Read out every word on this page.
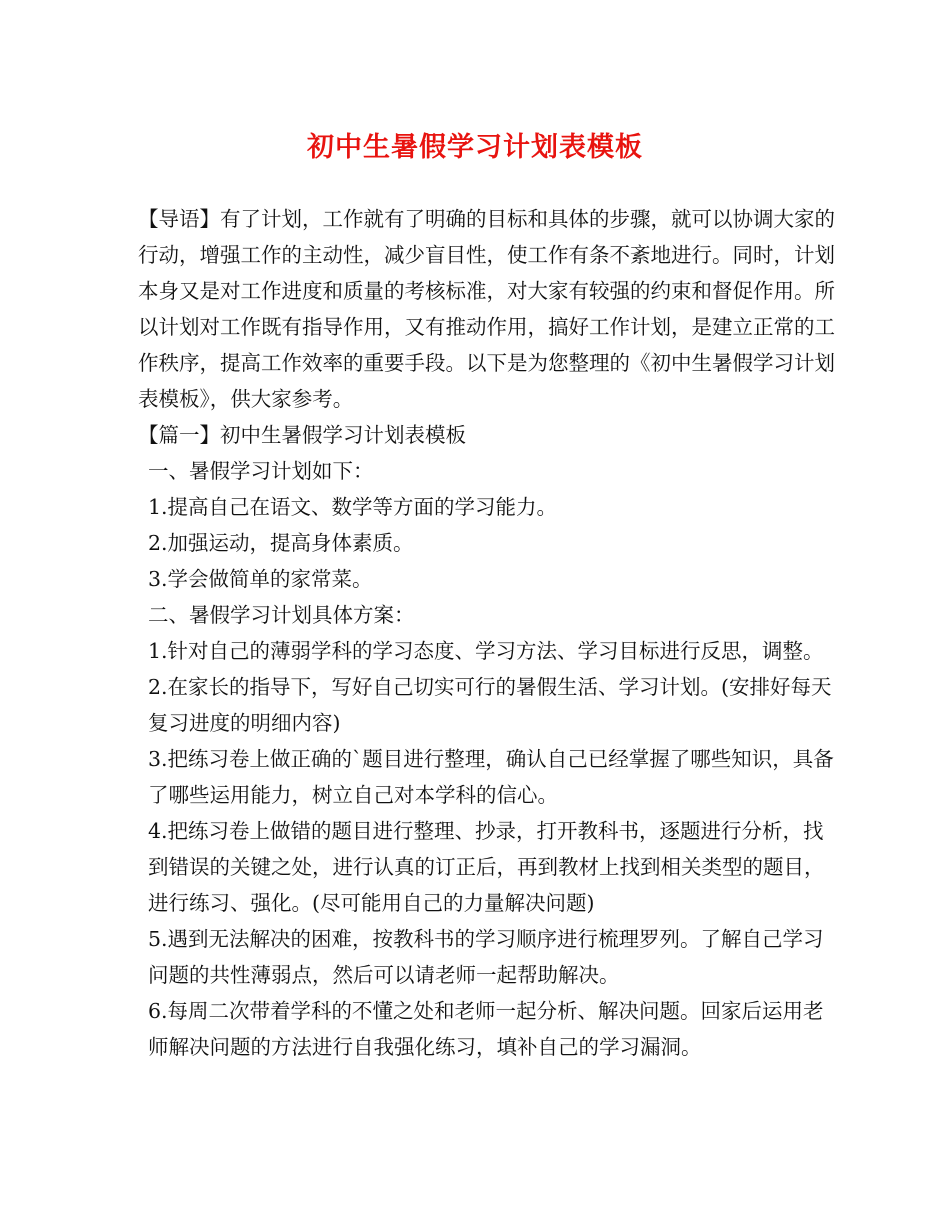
初中生暑假学习计划表模板

【导语】有了计划，工作就有了明确的目标和具体的步骤，就可以协调大家的行动，增强工作的主动性，减少盲目性，使工作有条不紊地进行。同时，计划本身又是对工作进度和质量的考核标准，对大家有较强的约束和督促作用。所以计划对工作既有指导作用，又有推动作用，搞好工作计划，是建立正常的工作秩序，提高工作效率的重要手段。以下是为您整理的《初中生暑假学习计划表模板》，供大家参考。

【篇一】初中生暑假学习计划表模板

一、暑假学习计划如下：

1.提高自己在语文、数学等方面的学习能力。

2.加强运动，提高身体素质。

3.学会做简单的家常菜。

二、暑假学习计划具体方案：

1.针对自己的薄弱学科的学习态度、学习方法、学习目标进行反思，调整。

2.在家长的指导下，写好自己切实可行的暑假生活、学习计划。(安排好每天复习进度的明细内容)

3.把练习卷上做正确的`题目进行整理，确认自己已经掌握了哪些知识，具备了哪些运用能力，树立自己对本学科的信心。

4.把练习卷上做错的题目进行整理、抄录，打开教科书，逐题进行分析，找到错误的关键之处，进行认真的订正后，再到教材上找到相关类型的题目，进行练习、强化。(尽可能用自己的力量解决问题)

5.遇到无法解决的困难，按教科书的学习顺序进行梳理罗列。了解自己学习问题的共性薄弱点，然后可以请老师一起帮助解决。

6.每周二次带着学科的不懂之处和老师一起分析、解决问题。回家后运用老师解决问题的方法进行自我强化练习，填补自己的学习漏洞。
